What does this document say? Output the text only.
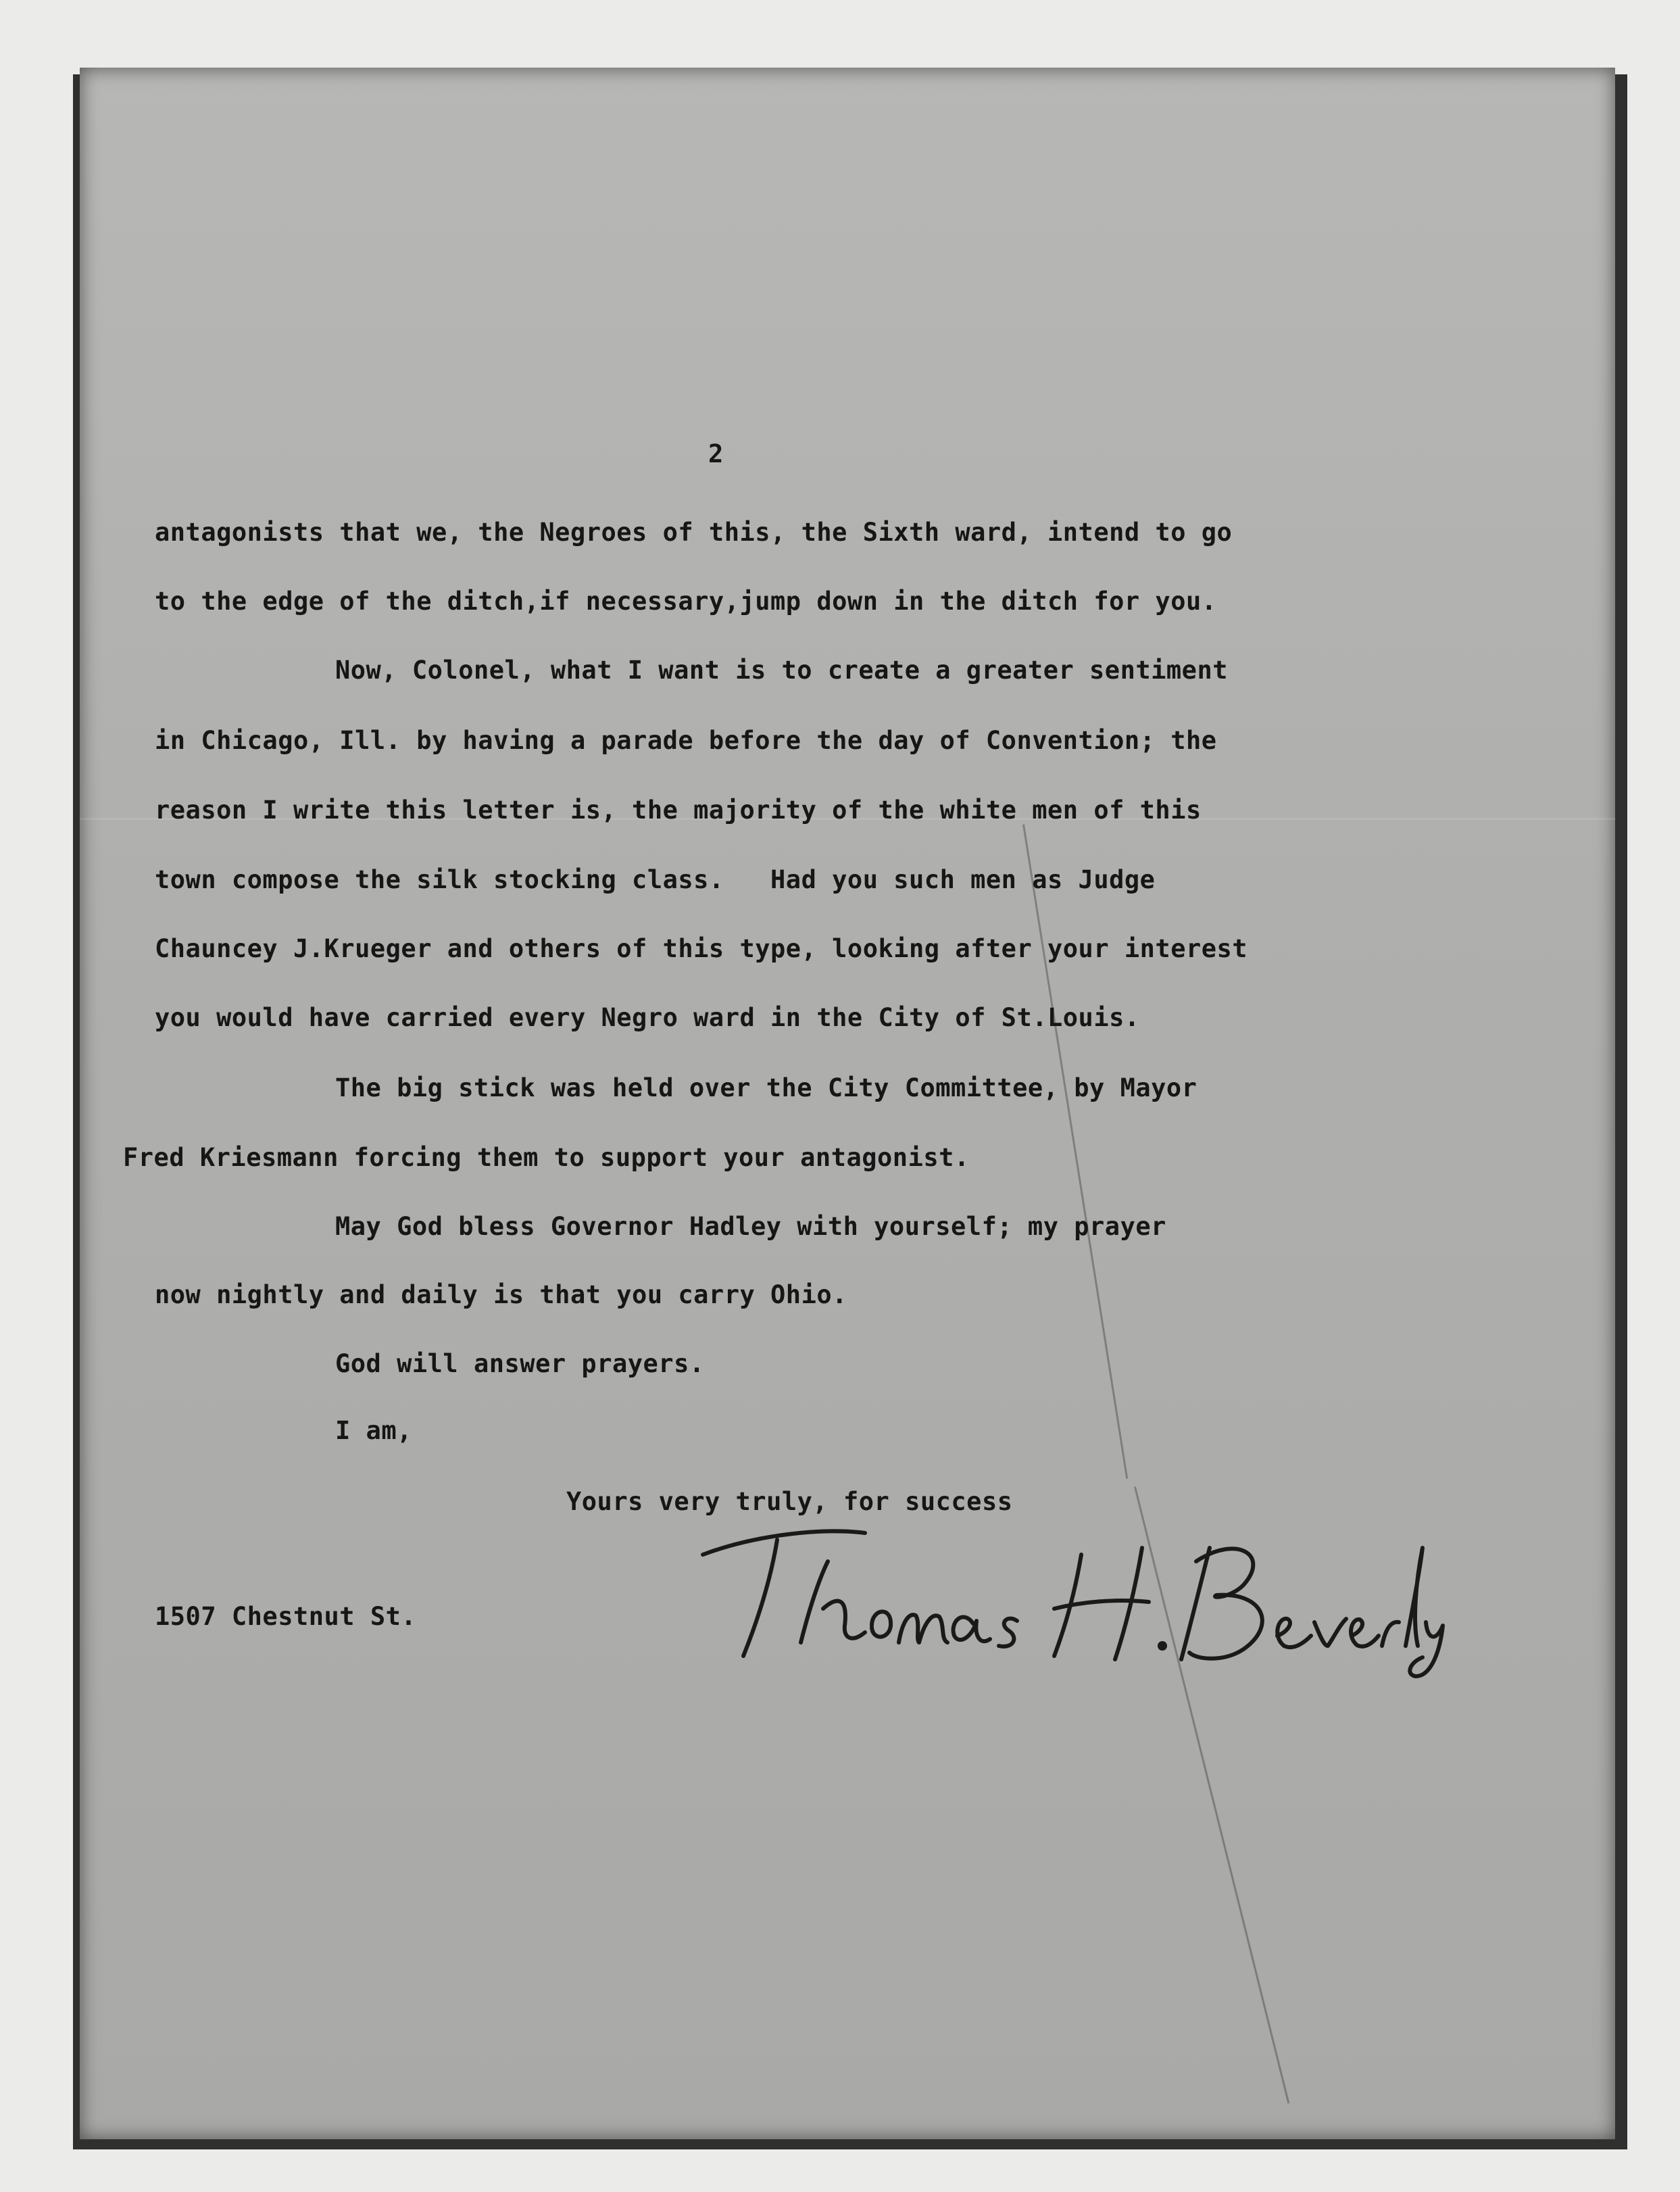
2
antagonists that we, the Negroes of this, the Sixth ward, intend to go
to the edge of the ditch,if necessary,jump down in the ditch for you.
Now, Colonel, what I want is to create a greater sentiment
in Chicago, Ill. by having a parade before the day of Convention; the
reason I write this letter is, the majority of the white men of this
town compose the silk stocking class.   Had you such men as Judge
Chauncey J.Krueger and others of this type, looking after your interest
you would have carried every Negro ward in the City of St.Louis.
The big stick was held over the City Committee, by Mayor
Fred Kriesmann forcing them to support your antagonist.
May God bless Governor Hadley with yourself; my prayer
now nightly and daily is that you carry Ohio.
God will answer prayers.
I am,
Yours very truly, for success
1507 Chestnut St.
